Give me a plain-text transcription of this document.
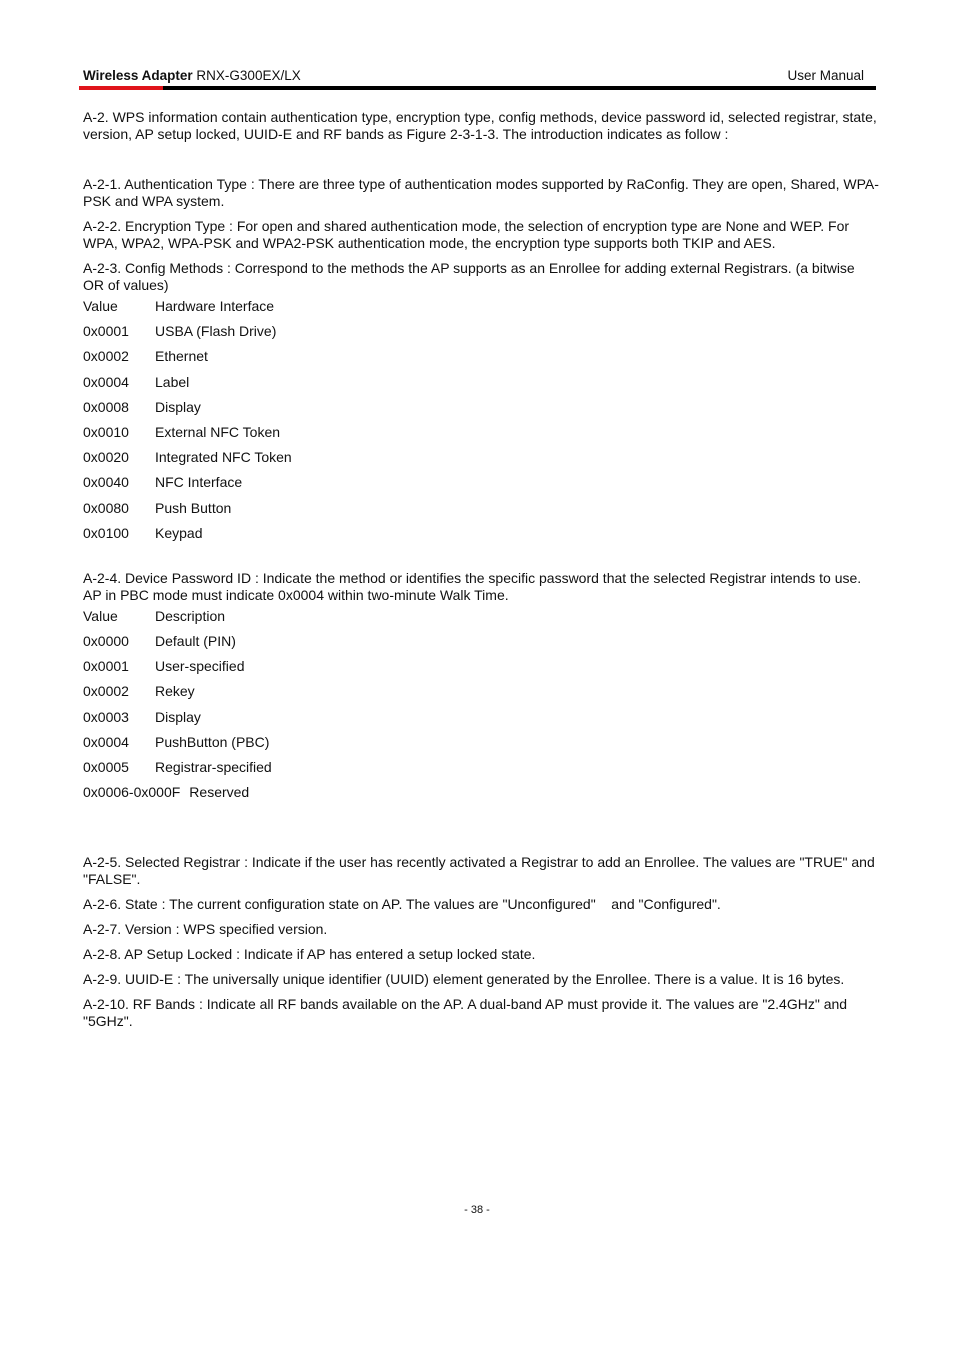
Wireless Adapter RNX-G300EX/LX	User Manual

A-2. WPS information contain authentication type, encryption type, config methods, device password id, selected registrar, state, version, AP setup locked, UUID-E and RF bands as Figure 2-3-1-3. The introduction indicates as follow :

A-2-1. Authentication Type : There are three type of authentication modes supported by RaConfig. They are open, Shared, WPA-PSK and WPA system.

A-2-2. Encryption Type : For open and shared authentication mode, the selection of encryption type are None and WEP. For WPA, WPA2, WPA-PSK and WPA2-PSK authentication mode, the encryption type supports both TKIP and AES.

A-2-3. Config Methods : Correspond to the methods the AP supports as an Enrollee for adding external Registrars. (a bitwise OR of values)

Value	Hardware Interface
0x0001	USBA (Flash Drive)
0x0002	Ethernet
0x0004	Label
0x0008	Display
0x0010	External NFC Token
0x0020	Integrated NFC Token
0x0040	NFC Interface
0x0080	Push Button
0x0100	Keypad

A-2-4. Device Password ID : Indicate the method or identifies the specific password that the selected Registrar intends to use. AP in PBC mode must indicate 0x0004 within two-minute Walk Time.

Value	Description
0x0000	Default (PIN)
0x0001	User-specified
0x0002	Rekey
0x0003	Display
0x0004	PushButton (PBC)
0x0005	Registrar-specified
0x0006-0x000F Reserved

A-2-5. Selected Registrar : Indicate if the user has recently activated a Registrar to add an Enrollee. The values are "TRUE" and "FALSE".

A-2-6. State : The current configuration state on AP. The values are "Unconfigured"    and "Configured".

A-2-7. Version : WPS specified version.

A-2-8. AP Setup Locked : Indicate if AP has entered a setup locked state.

A-2-9. UUID-E : The universally unique identifier (UUID) element generated by the Enrollee. There is a value. It is 16 bytes.

A-2-10. RF Bands : Indicate all RF bands available on the AP. A dual-band AP must provide it. The values are "2.4GHz" and "5GHz".

- 38 -
